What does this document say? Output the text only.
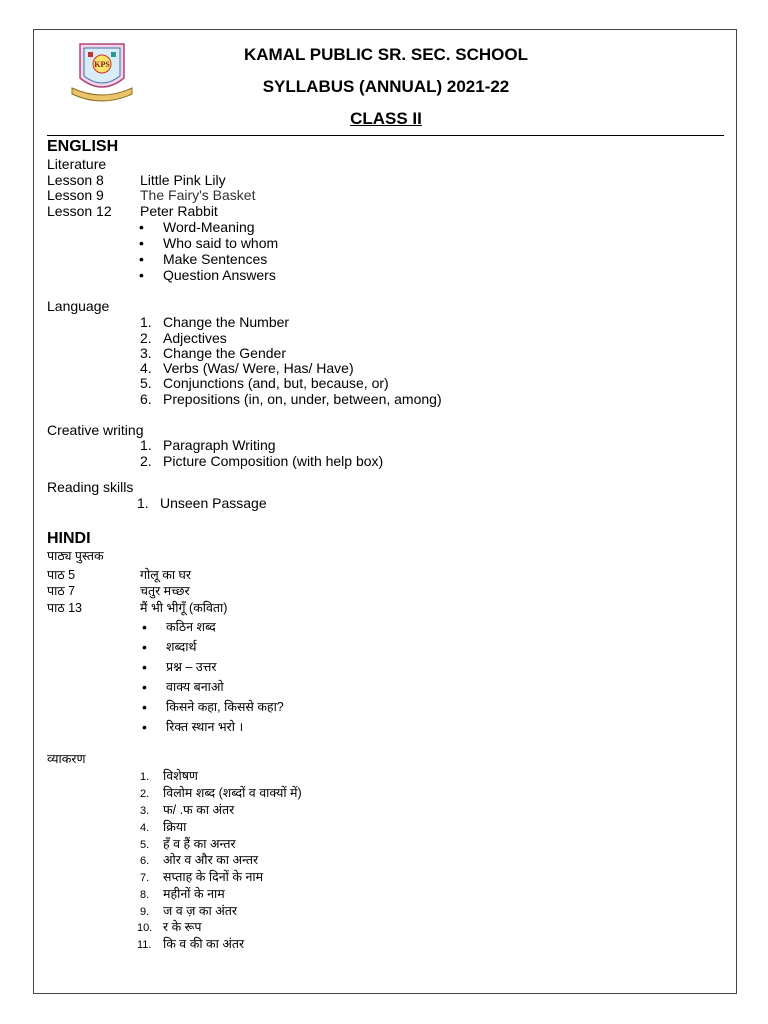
KPS
KAMAL PUBLIC SR. SEC. SCHOOL
SYLLABUS (ANNUAL) 2021-22
CLASS II
ENGLISH
Literature
Lesson 8	Little Pink Lily
Lesson 9	The Fairy's Basket
Lesson 12 Peter Rabbit
• Word-Meaning
• Who said to whom
• Make Sentences
• Question Answers
Language
1. Change the Number
2. Adjectives
3. Change the Gender
4. Verbs (Was/ Were, Has/ Have)
5. Conjunctions (and, but, because, or)
6. Prepositions (in, on, under, between, among)
Creative writing
1. Paragraph Writing
2. Picture Composition (with help box)
Reading skills
1. Unseen Passage
HINDI
पाठ्य पुस्तक
पाठ 5	गोलू का घर
पाठ 7	चतुर मच्छर
पाठ 13	मैं भी भीगूँ (कविता)
• कठिन शब्द
• शब्दार्थ
• प्रश्न – उत्तर
• वाक्य बनाओ
• किसने कहा, किससे कहा?
• रिक्त स्थान भरो ।
व्याकरण
1. विशेषण
2. विलोम शब्द (शब्दों व वाक्यों में)
3. फ/ .फ का अंतर
4. क्रिया
5. हँ व हैं का अन्तर
6. ओर व और का अन्तर
7. सप्ताह के दिनों के नाम
8. महीनों के नाम
9. ज व ज़ का अंतर
10. र के रूप
11. कि व की का अंतर
